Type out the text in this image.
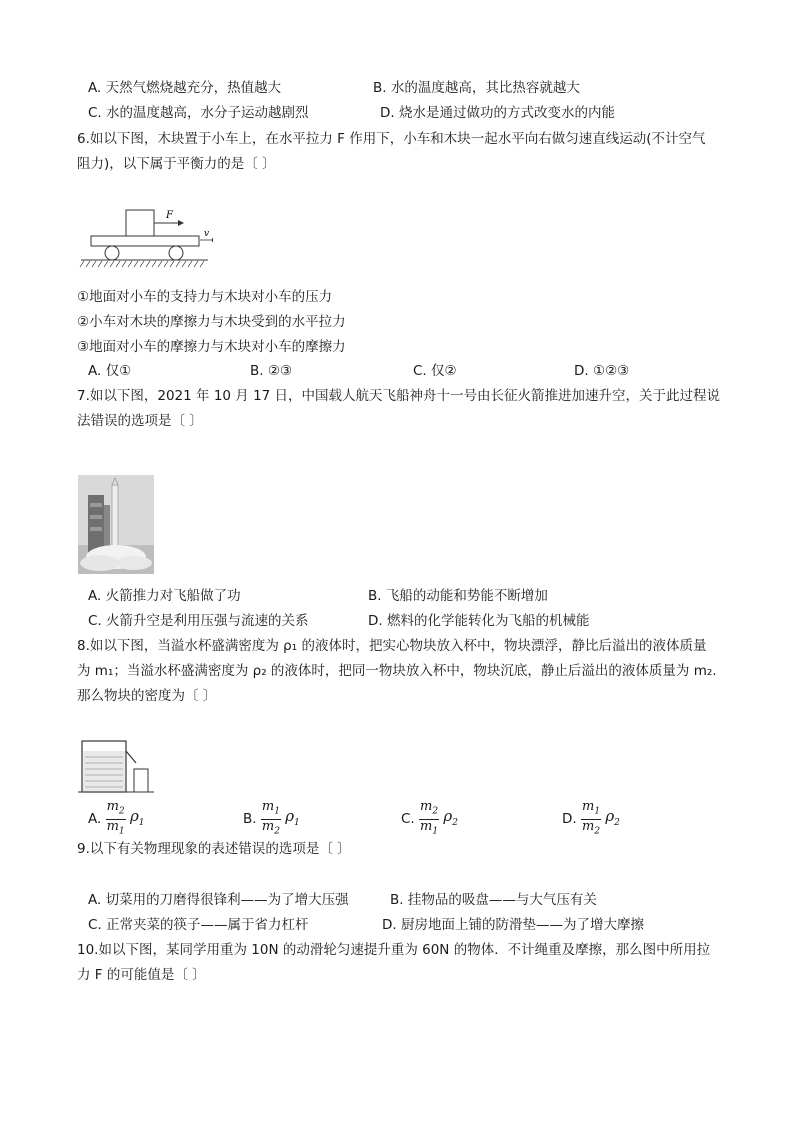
A. 天然气燃烧越充分，热值越大	B. 水的温度越高，其比热容就越大
C. 水的温度越高，水分子运动越剧烈	D. 烧水是通过做功的方式改变水的内能
6.如以下图，木块置于小车上，在水平拉力 F 作用下，小车和木块一起水平向右做匀速直线运动(不计空气
阻力)，以下属于平衡力的是〔 〕
F
v
①地面对小车的支持力与木块对小车的压力
②小车对木块的摩擦力与木块受到的水平拉力
③地面对小车的摩擦力与木块对小车的摩擦力
A. 仅①	B. ②③	C. 仅②	D. ①②③
7.如以下图，2021 年 10 月 17 日，中国载人航天飞船神舟十一号由长征火箭推进加速升空，关于此过程说
法错误的选项是〔 〕
A. 火箭推力对飞船做了功	B. 飞船的动能和势能不断增加
C. 火箭升空是利用压强与流速的关系	D. 燃料的化学能转化为飞船的机械能
8.如以下图，当溢水杯盛满密度为 ρ₁ 的液体时，把实心物块放入杯中，物块漂浮，静比后溢出的液体质量
为 m₁；当溢水杯盛满密度为 ρ₂ 的液体时，把同一物块放入杯中，物块沉底，静止后溢出的液体质量为 m₂.
那么物块的密度为〔 〕
A. $\frac{m_2}{m_1} \rho_1$	B. $\frac{m_1}{m_2} \rho_1$	C. $\frac{m_2}{m_1} \rho_2$	D. $\frac{m_1}{m_2} \rho_2$
9.以下有关物理现象的表述错误的选项是〔 〕
A. 切菜用的刀磨得很锋利——为了增大压强	B. 挂物品的吸盘——与大气压有关
C. 正常夹菜的筷子——属于省力杠杆	D. 厨房地面上铺的防滑垫——为了增大摩擦
10.如以下图，某同学用重为 10N 的动滑轮匀速提升重为 60N 的物体．不计绳重及摩擦，那么图中所用拉
力 F 的可能值是〔 〕
